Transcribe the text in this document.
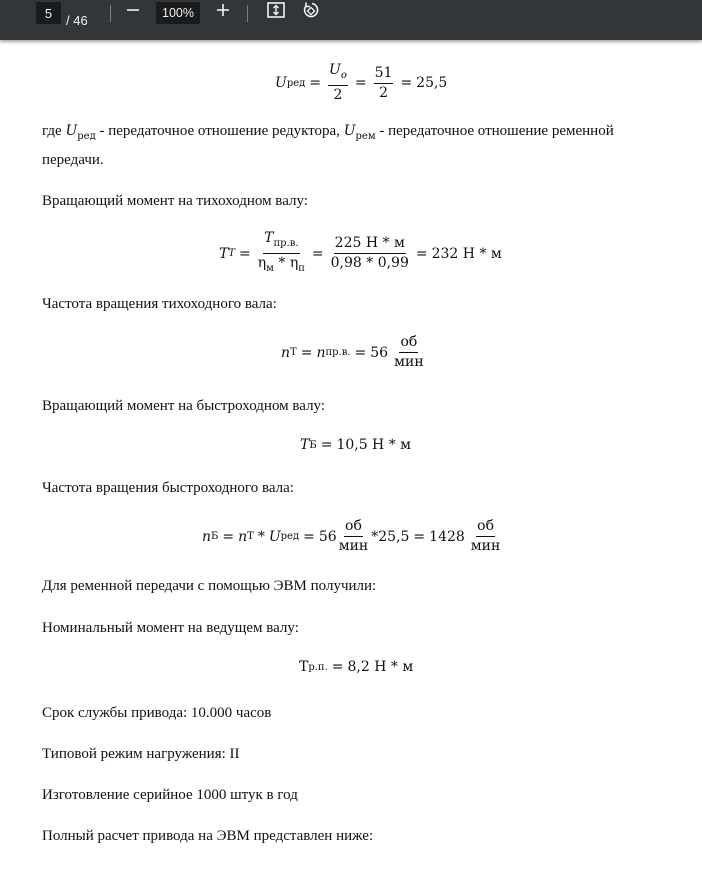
5	/ 46	100%
U ред = $\frac{U_o}{2} = \frac{51}{2} = 25,5$

где $U_{ред}$ - передаточное отношение редуктора, $U_{рем}$ - передаточное отношение ременной

передачи.

Вращающий момент на тихоходном валу:

T $T = \frac{T_{пр.в.}}{\eta_м * \eta_п} = \frac{225 Н * м}{0,98 * 0,99} = 232$ Н * м

Частота вращения тихоходного вала:

n Т = n пр.в. = $56 \frac{об}{\text{мин}}$

Вращающий момент на быстроходном валу:

T Б = 10,5 Н * м

Частота вращения быстроходного вала:

n Б = n Т * U ред = $56 \frac{об}{\text{мин}} * 25,5 = 1428 \frac{об}{\text{мин}}$

Для ременной передачи с помощью ЭВМ получили:

Номинальный момент на ведущем валу:

Т р.п. = 8,2 Н * м

Срок службы привода: 10.000 часов

Типовой режим нагружения: II

Изготовление серийное 1000 штук в год

Полный расчет привода на ЭВМ представлен ниже:
